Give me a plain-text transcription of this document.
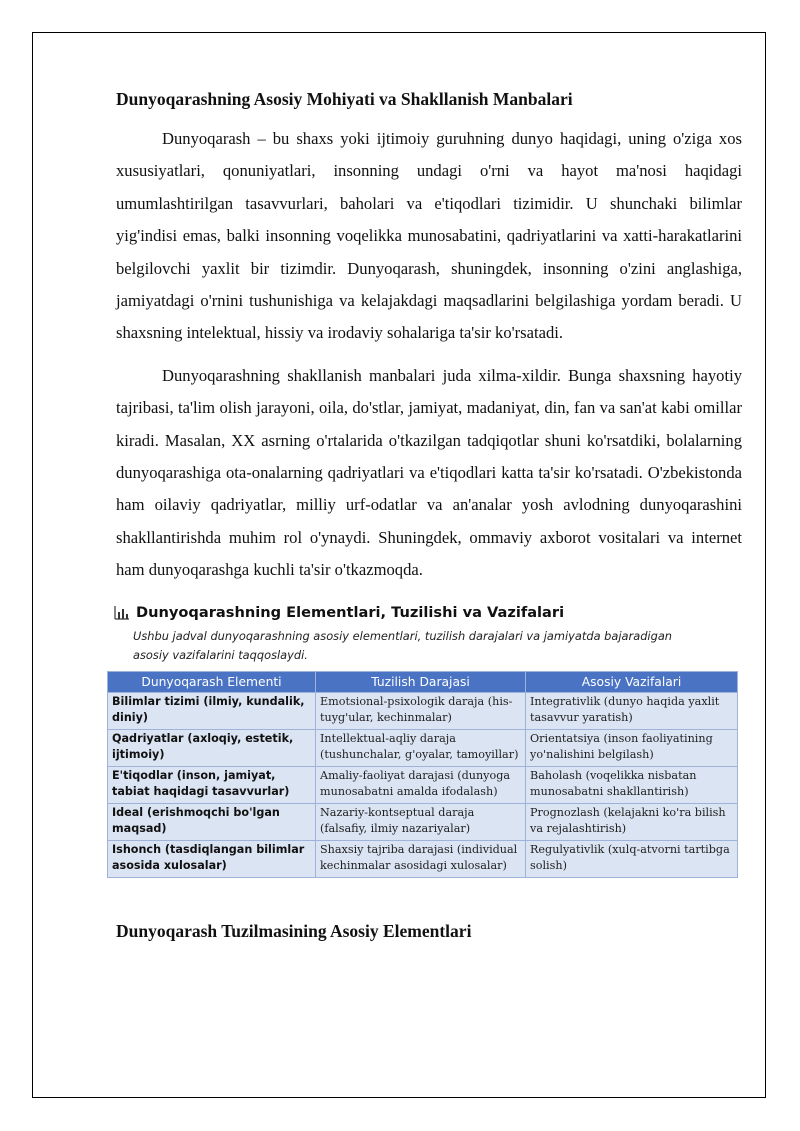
Dunyoqarashning Asosiy Mohiyati va Shakllanish Manbalari

Dunyoqarash – bu shaxs yoki ijtimoiy guruhning dunyo haqidagi, uning o'ziga xos xususiyatlari, qonuniyatlari, insonning undagi o'rni va hayot ma'nosi haqidagi umumlashtirilgan tasavvurlari, baholari va e'tiqodlari tizimidir. U shunchaki bilimlar yig'indisi emas, balki insonning voqelikka munosabatini, qadriyatlarini va xatti-harakatlarini belgilovchi yaxlit bir tizimdir. Dunyoqarash, shuningdek, insonning o'zini anglashiga, jamiyatdagi o'rnini tushunishiga va kelajakdagi maqsadlarini belgilashiga yordam beradi. U shaxsning intelektual, hissiy va irodaviy sohalariga ta'sir ko'rsatadi.

Dunyoqarashning shakllanish manbalari juda xilma-xildir. Bunga shaxsning hayotiy tajribasi, ta'lim olish jarayoni, oila, do'stlar, jamiyat, madaniyat, din, fan va san'at kabi omillar kiradi. Masalan, XX asrning o'rtalarida o'tkazilgan tadqiqotlar shuni ko'rsatdiki, bolalarning dunyoqarashiga ota-onalarning qadriyatlari va e'tiqodlari katta ta'sir ko'rsatadi. O'zbekistonda ham oilaviy qadriyatlar, milliy urf-odatlar va an'analar yosh avlodning dunyoqarashini shakllantirishda muhim rol o'ynaydi. Shuningdek, ommaviy axborot vositalari va internet ham dunyoqarashga kuchli ta'sir o'tkazmoqda.

Dunyoqarashning Elementlari, Tuzilishi va Vazifalari
Ushbu jadval dunyoqarashning asosiy elementlari, tuzilish darajalari va jamiyatda bajaradigan asosiy vazifalarini taqqoslaydi.
Dunyoqarash Elementi	Tuzilish Darajasi	Asosiy Vazifalari
Bilimlar tizimi (ilmiy, kundalik, diniy)	Emotsional-psixologik daraja (his-tuyg'ular, kechinmalar)	Integrativlik (dunyo haqida yaxlit tasavvur yaratish)
Qadriyatlar (axloqiy, estetik, ijtimoiy)	Intellektual-aqliy daraja (tushunchalar, g'oyalar, tamoyillar)	Orientatsiya (inson faoliyatining yo'nalishini belgilash)
E'tiqodlar (inson, jamiyat, tabiat haqidagi tasavvurlar)	Amaliy-faoliyat darajasi (dunyoga munosabatni amalda ifodalash)	Baholash (voqelikka nisbatan munosabatni shakllantirish)
Ideal (erishmoqchi bo'lgan maqsad)	Nazariy-kontseptual daraja (falsafiy, ilmiy nazariyalar)	Prognozlash (kelajakni ko'ra bilish va rejalashtirish)
Ishonch (tasdiqlangan bilimlar asosida xulosalar)	Shaxsiy tajriba darajasi (individual kechinmalar asosidagi xulosalar)	Regulyativlik (xulq-atvorni tartibga solish)
Dunyoqarash Tuzilmasining Asosiy Elementlari
